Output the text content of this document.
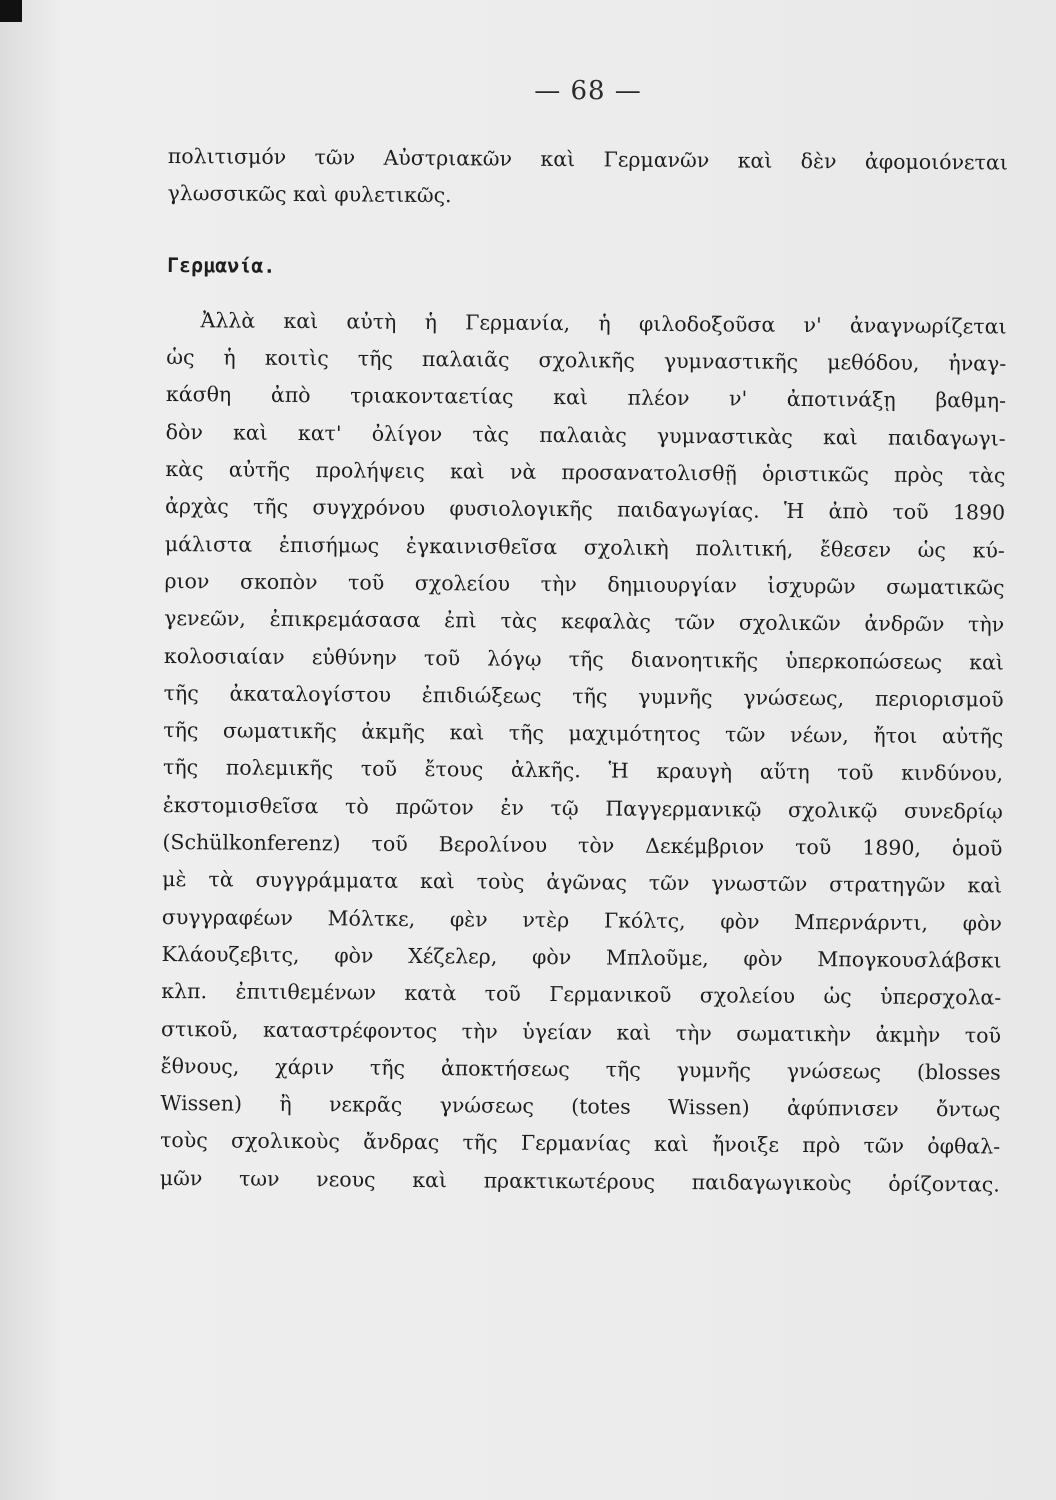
— 68 —
πολιτισμόν τῶν Αὐστριακῶν καὶ Γερμανῶν καὶ δὲν ἀφομοιόνεται
γλωσσικῶς καὶ φυλετικῶς.
Γερμανία.
Ἀλλὰ καὶ αὐτὴ ἡ Γερμανία, ἡ φιλοδοξοῦσα ν' ἀναγνωρίζεται
ὡς ἡ κοιτὶς τῆς παλαιᾶς σχολικῆς γυμναστικῆς μεθόδου, ἠναγ-
κάσθη ἀπὸ τριακονταετίας καὶ πλέον ν' ἀποτινάξῃ βαθμη-
δὸν καὶ κατ' ὀλίγον τὰς παλαιὰς γυμναστικὰς καὶ παιδαγωγι-
κὰς αὐτῆς προλήψεις καὶ νὰ προσανατολισθῇ ὁριστικῶς πρὸς τὰς
ἀρχὰς τῆς συγχρόνου φυσιολογικῆς παιδαγωγίας. Ἡ ἀπὸ τοῦ 1890
μάλιστα ἐπισήμως ἐγκαινισθεῖσα σχολικὴ πολιτική, ἔθεσεν ὡς κύ-
ριον σκοπὸν τοῦ σχολείου τὴν δημιουργίαν ἰσχυρῶν σωματικῶς
γενεῶν, ἐπικρεμάσασα ἐπὶ τὰς κεφαλὰς τῶν σχολικῶν ἀνδρῶν τὴν
κολοσιαίαν εὐθύνην τοῦ λόγῳ τῆς διανοητικῆς ὑπερκοπώσεως καὶ
τῆς ἀκαταλογίστου ἐπιδιώξεως τῆς γυμνῆς γνώσεως, περιορισμοῦ
τῆς σωματικῆς ἀκμῆς καὶ τῆς μαχιμότητος τῶν νέων, ἤτοι αὐτῆς
τῆς πολεμικῆς τοῦ ἔτους ἀλκῆς. Ἡ κραυγὴ αὕτη τοῦ κινδύνου,
ἐκστομισθεῖσα τὸ πρῶτον ἐν τῷ Παγγερμανικῷ σχολικῷ συνεδρίῳ
(Schülkonferenz) τοῦ Βερολίνου τὸν Δεκέμβριον τοῦ 1890, ὁμοῦ
μὲ τὰ συγγράμματα καὶ τοὺς ἀγῶνας τῶν γνωστῶν στρατηγῶν καὶ
συγγραφέων Μόλτκε, φὲν ντὲρ Γκόλτς, φὸν Μπερνάρντι, φὸν
Κλάουζεβιτς, φὸν Χέζελερ, φὸν Μπλοῦμε, φὸν Μπογκουσλάβσκι
κλπ. ἐπιτιθεμένων κατὰ τοῦ Γερμανικοῦ σχολείου ὡς ὑπερσχολα-
στικοῦ, καταστρέφοντος τὴν ὑγείαν καὶ τὴν σωματικὴν ἀκμὴν τοῦ
ἔθνους, χάριν τῆς ἀποκτήσεως τῆς γυμνῆς γνώσεως (blosses
Wissen) ἢ νεκρᾶς γνώσεως (totes Wissen) ἀφύπνισεν ὄντως
τοὺς σχολικοὺς ἄνδρας τῆς Γερμανίας καὶ ἤνοιξε πρὸ τῶν ὀφθαλ-
μῶν των νεους καὶ πρακτικωτέρους παιδαγωγικοὺς ὁρίζοντας.
